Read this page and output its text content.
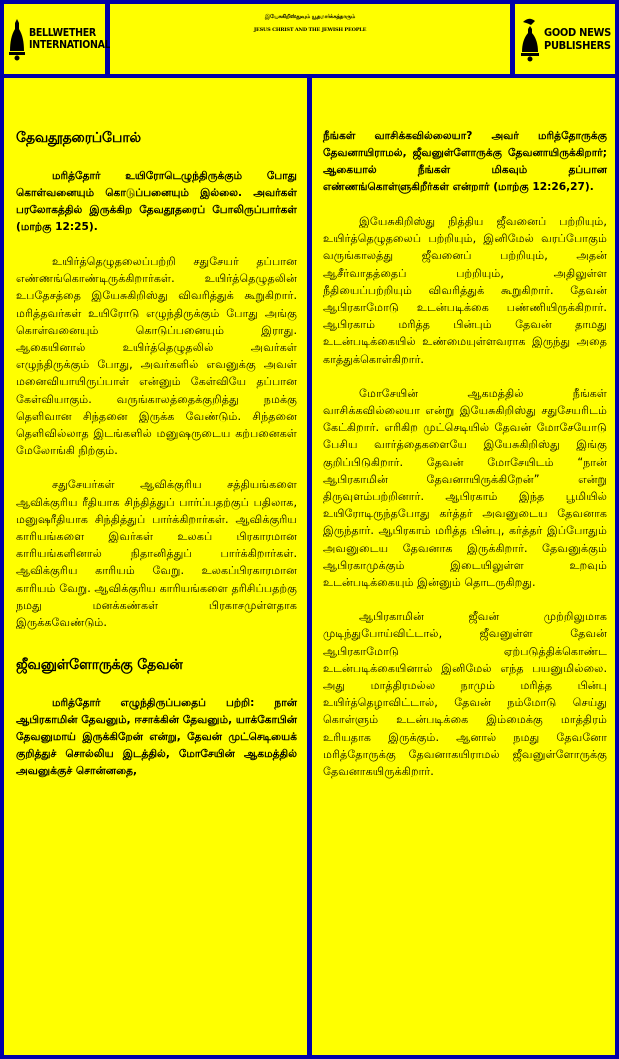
BELLWETHER
INTERNATIONAL
இயேசுகிறிஸ்துவும் யூதமார்க்கத்தாரும்
JESUS CHRIST AND THE JEWISH PEOPLE	GOOD NEWS
PUBLISHERS
தேவதூதரைப்போல்

மரித்தோர் உயிரோடெழுந்திருக்கும் போது கொள்வனையும் கொடுப்பனையும் இல்லை. அவர்கள் பரலோகத்தில் இருக்கிற தேவதூதரைப் போலிருப்பார்கள் (மாற்கு 12:25).

உயிர்த்தெழுதலைப்பற்றி சதுசேயர் தப்பான எண்ணங்கொண்டிருக்கிறார்கள். உயிர்த்தெழுதலின் உபதேசத்தை இயேசுகிறிஸ்து விவரித்துக் கூறுகிறார். மரித்தவர்கள் உயிரோடு எழுந்திருக்கும் போது அங்கு கொள்வனையும் கொடுப்பனையும் இராது. ஆகையினால் உயிர்த்தெழுதலில் அவர்கள் எழுந்திருக்கும் போது, அவர்களில் எவனுக்கு அவள் மனைவியாயிருப்பாள் என்னும் கேள்வியே தப்பான கேள்வியாகும். வருங்காலத்தைக்குறித்து நமக்கு தெளிவான சிந்தனை இருக்க வேண்டும். சிந்தனை தெளிவில்லாத இடங்களில் மனுஷருடைய கற்பனைகள் மேலோங்கி நிற்கும்.

சதுசேயர்கள் ஆவிக்குரிய சத்தியங்களை ஆவிக்குரிய ரீதியாக சிந்தித்துப் பார்ப்பதற்குப் பதிலாக, மனுஷரீதியாக சிந்தித்துப் பார்க்கிறார்கள். ஆவிக்குரிய காரியங்களை இவர்கள் உலகப் பிரகாரமான காரியங்களினால் நிதானித்துப் பார்க்கிறார்கள். ஆவிக்குரிய காரியம் வேறு. உலகப்பிரகாரமான காரியம் வேறு. ஆவிக்குரிய காரியங்களை தரிசிப்பதற்கு நமது மனக்கண்கள் பிரகாசமுள்ளதாக இருக்கவேண்டும்.

ஜீவனுள்ளோருக்கு தேவன்

மரித்தோர் எழுந்திருப்பதைப் பற்றி: நான் ஆபிரகாமின் தேவனும், ஈசாக்கின் தேவனும், யாக்கோபின் தேவனுமாய் இருக்கிறேன் என்று, தேவன் முட்செடியைக் குறித்துச் சொல்லிய இடத்தில், மோசேயின் ஆகமத்தில் அவனுக்குச் சொன்னதை,

நீங்கள் வாசிக்கவில்லையா? அவர் மரித்தோருக்கு தேவனாயிராமல், ஜீவனுள்ளோருக்கு தேவனாயிருக்கிறார்; ஆகையால் நீங்கள் மிகவும் தப்பான எண்ணங்கொள்ளுகிறீர்கள் என்றார் (மாற்கு 12:26,27).

இயேசுகிறிஸ்து நித்திய ஜீவனைப் பற்றியும், உயிர்த்தெழுதலைப் பற்றியும், இனிமேல் வரப்போகும் வருங்காலத்து ஜீவனைப் பற்றியும், அதன் ஆசீர்வாதத்தைப் பற்றியும், அதிலுள்ள நீதியைப்பற்றியும் விவரித்துக் கூறுகிறார். தேவன் ஆபிரகாமோடு உடன்படிக்கை பண்ணியிருக்கிறார். ஆபிரகாம் மரித்த பின்பும் தேவன் தாமது உடன்படிக்கையில் உண்மையுள்ளவராக இருந்து அதை காத்துக்கொள்கிறார்.

மோசேயின் ஆகமத்தில் நீங்கள் வாசிக்கவில்லையா என்று இயேசுகிறிஸ்து சதுசேயரிடம் கேட்கிறார். எரிகிற முட்செடியில் தேவன் மோசேயோடு பேசிய வார்த்தைகளையே இயேசுகிறிஸ்து இங்கு குறிப்பிடுகிறார். தேவன் மோசேயிடம் “நான் ஆபிரகாமின் தேவனாயிருக்கிறேன்” என்று திருவுளம்பற்றினார். ஆபிரகாம் இந்த பூமியில் உயிரோடிருந்தபோது கர்த்தர் அவனுடைய தேவனாக இருந்தார். ஆபிரகாம் மரித்த பின்பு, கர்த்தர் இப்போதும் அவனுடைய தேவனாக இருக்கிறார். தேவனுக்கும் ஆபிரகாமுக்கும் இடையிலுள்ள உறவும் உடன்படிக்கையும் இன்னும் தொடருகிறது.

ஆபிரகாமின் ஜீவன் முற்றிலுமாக முடிந்துபோய்விட்டால், ஜீவனுள்ள தேவன் ஆபிரகாமோடு ஏற்படுத்திக்கொண்ட உடன்படிக்கையினால் இனிமேல் எந்த பயனுமில்லை. அது மாத்திரமல்ல நாமும் மரித்த பின்பு உயிர்த்தெழாவிட்டால், தேவன் நம்மோடு செய்து கொள்ளும் உடன்படிக்கை இம்மைக்கு மாத்திரம் உரியதாக இருக்கும். ஆனால் நமது தேவனோ மரித்தோருக்கு தேவனாகயிராமல் ஜீவனுள்ளோருக்கு தேவனாகயிருக்கிறார்.
